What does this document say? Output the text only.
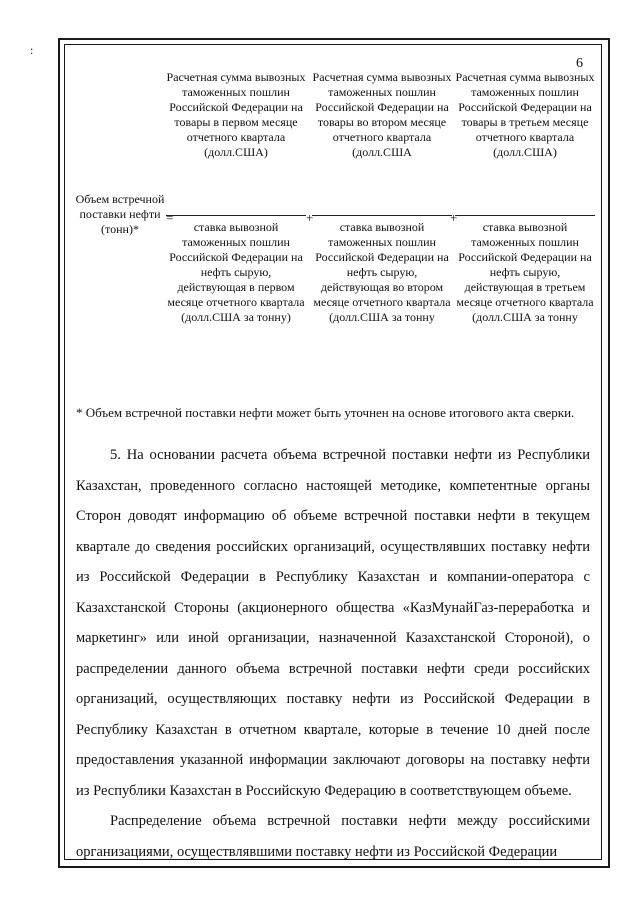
:
6
Объем встречной поставки нефти (тонн)*
=
Расчетная сумма вывозных таможенных пошлин Российской Федерации на товары в первом месяце отчетного квартала (долл.США)
ставка вывозной таможенных пошлин Российской Федерации на нефть сырую, действующая в первом месяце отчетного квартала (долл.США за тонну)
+
Расчетная сумма вывозных таможенных пошлин Российской Федерации на товары во втором месяце отчетного квартала (долл.США
ставка вывозной таможенных пошлин Российской Федерации на нефть сырую, действующая во втором месяце отчетного квартала (долл.США за тонну
+
Расчетная сумма вывозных таможенных пошлин Российской Федерации на товары в третьем месяце отчетного квартала (долл.США)
ставка вывозной таможенных пошлин Российской Федерации на нефть сырую, действующая в третьем месяце отчетного квартала (долл.США за тонну
* Объем встречной поставки нефти может быть уточнен на основе итогового акта сверки.

5. На основании расчета объема встречной поставки нефти из Республики Казахстан, проведенного согласно настоящей методике, компетентные органы Сторон доводят информацию об объеме встречной поставки нефти в текущем квартале до сведения российских организаций, осуществлявших поставку нефти из Российской Федерации в Республику Казахстан и компании-оператора с Казахстанской Стороны (акционерного общества «КазМунайГаз-переработка и маркетинг» или иной организации, назначенной Казахстанской Стороной), о распределении данного объема встречной поставки нефти среди российских организаций, осуществляющих поставку нефти из Российской Федерации в Республику Казахстан в отчетном квартале, которые в течение 10 дней после предоставления указанной информации заключают договоры на поставку нефти из Республики Казахстан в Российскую Федерацию в соответствующем объеме.

Распределение объема встречной поставки нефти между российскими организациями, осуществлявшими поставку нефти из Российской Федерации
